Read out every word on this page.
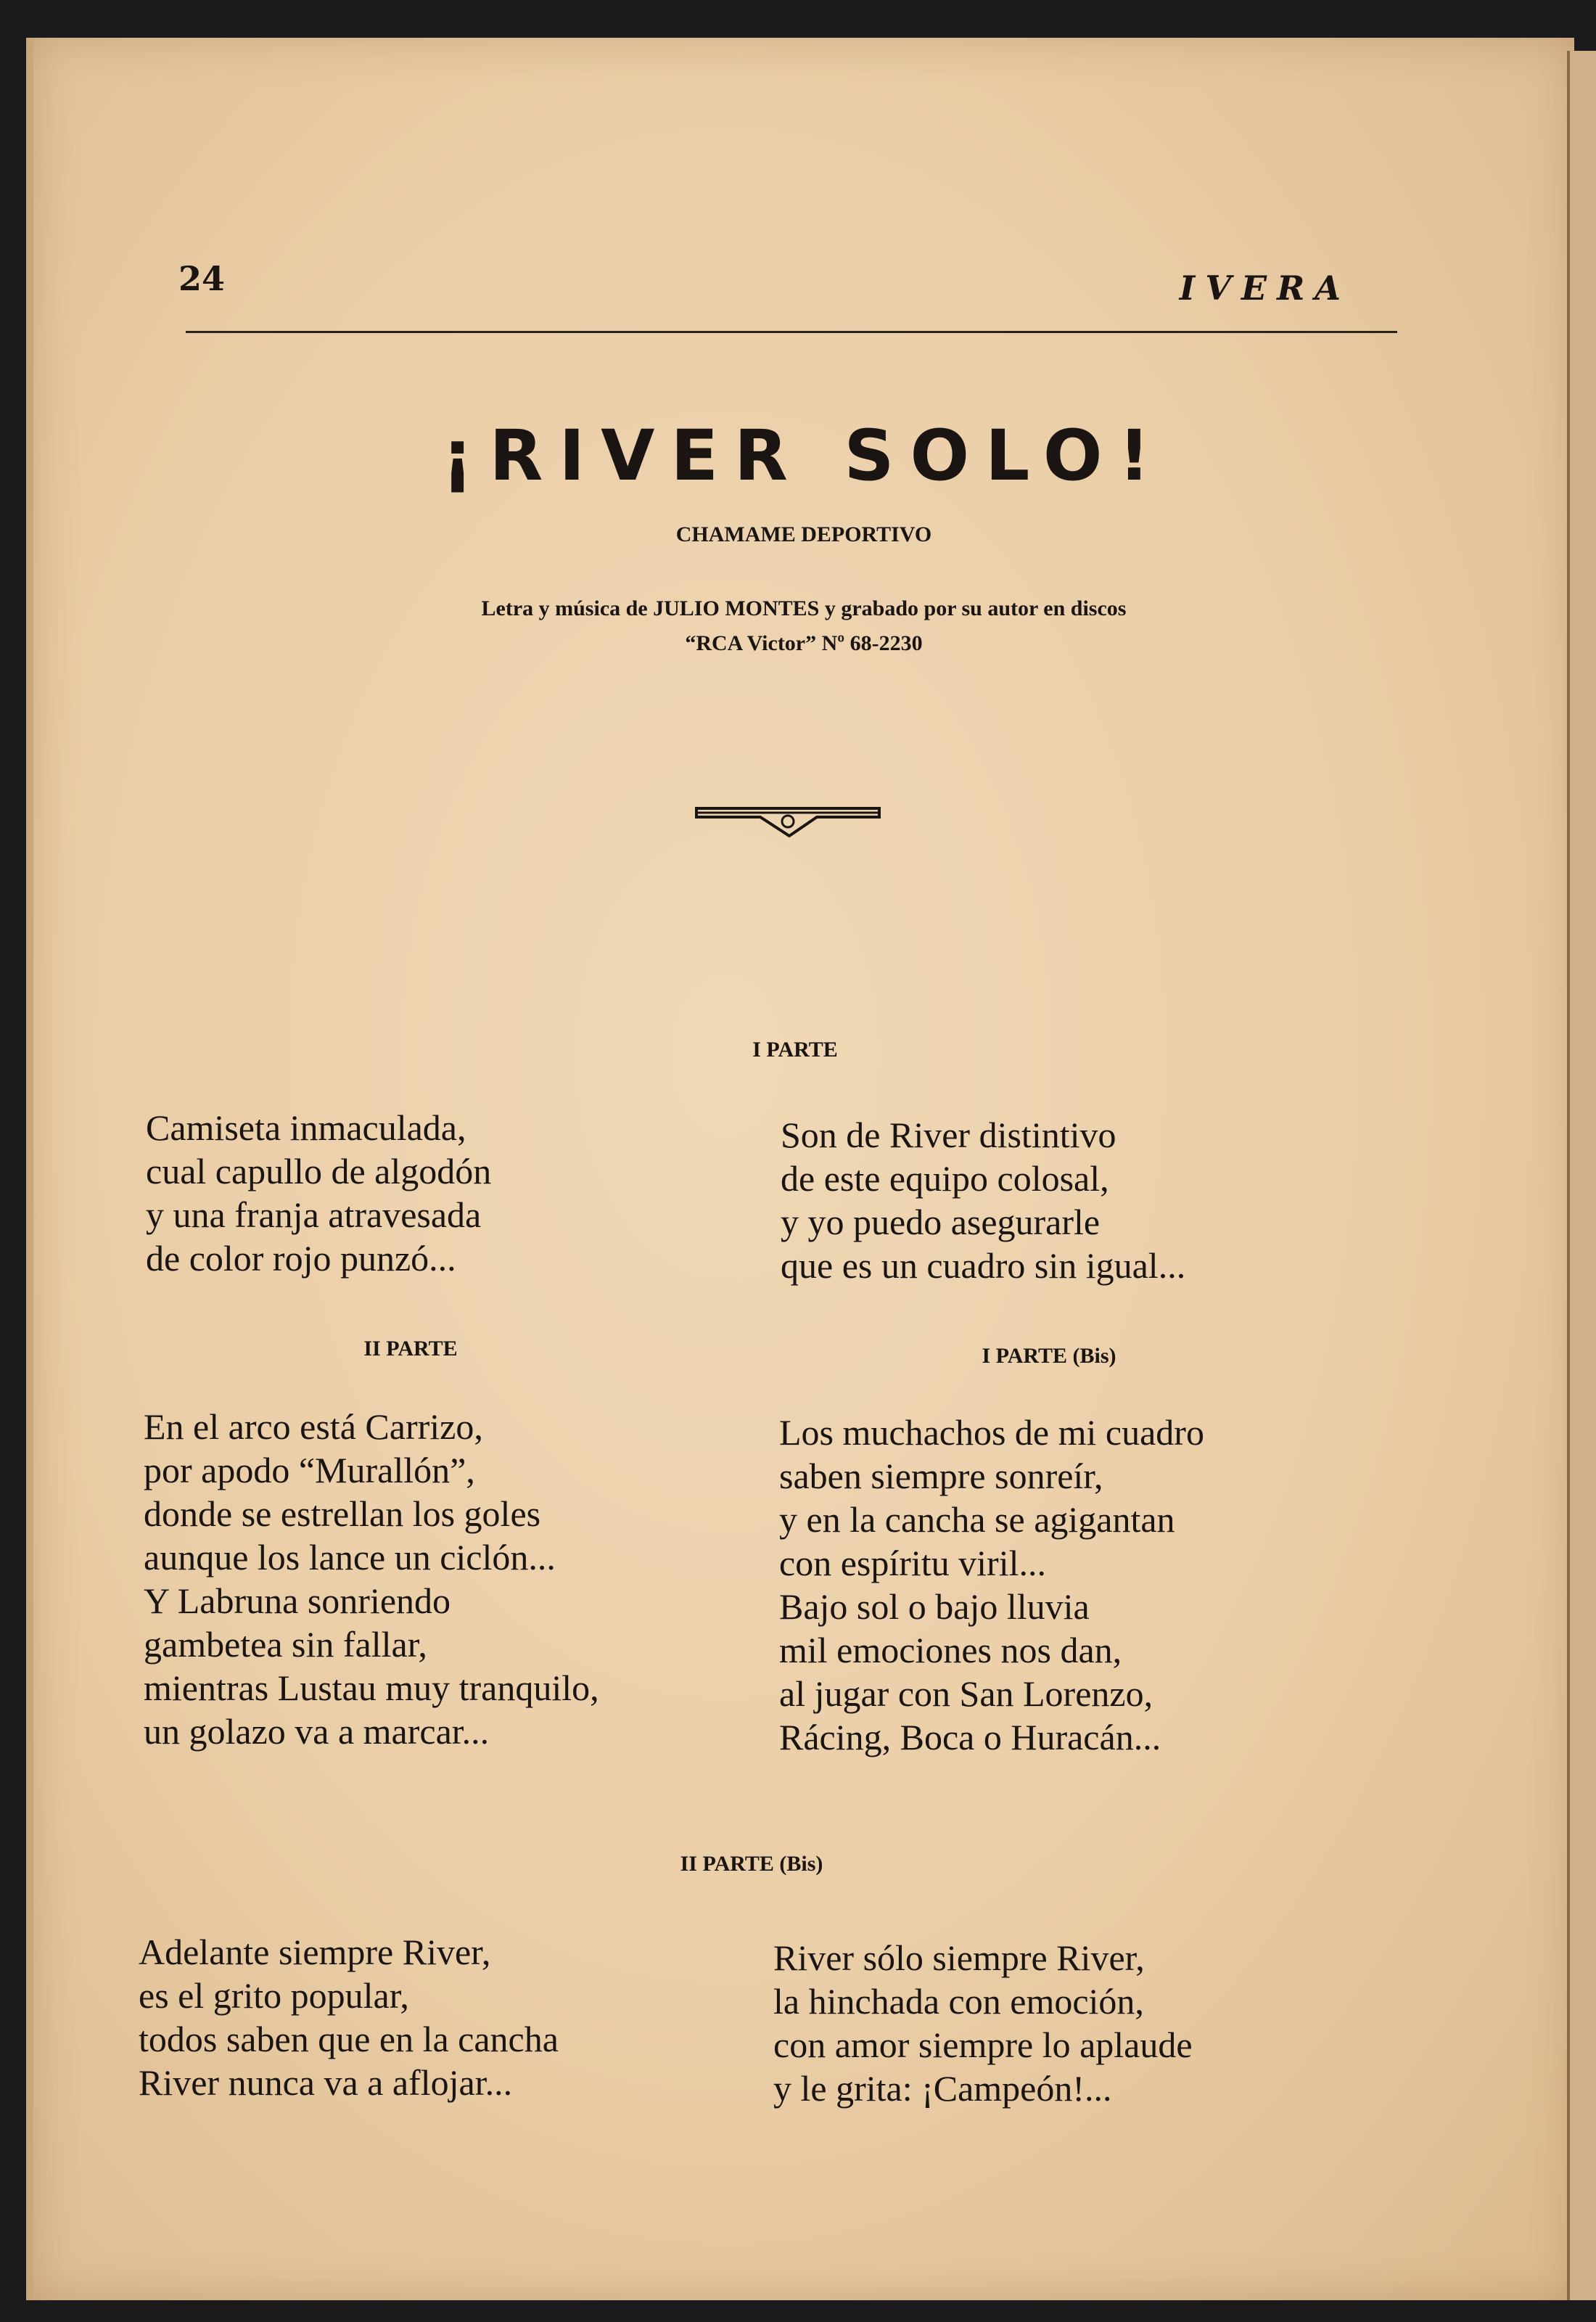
24	IVERA
¡RIVER SOLO!
CHAMAME DEPORTIVO
Letra y música de JULIO MONTES y grabado por su autor en discos
“RCA Victor” Nº 68-2230
I PARTE
Camiseta inmaculada,
cual capullo de algodón
y una franja atravesada
de color rojo punzó...
Son de River distintivo
de este equipo colosal,
y yo puedo asegurarle
que es un cuadro sin igual...
II PARTE	I PARTE (Bis)
En el arco está Carrizo,
por apodo “Murallón”,
donde se estrellan los goles
aunque los lance un ciclón...
Y Labruna sonriendo
gambetea sin fallar,
mientras Lustau muy tranquilo,
un golazo va a marcar...
Los muchachos de mi cuadro
saben siempre sonreír,
y en la cancha se agigantan
con espíritu viril...
Bajo sol o bajo lluvia
mil emociones nos dan,
al jugar con San Lorenzo,
Rácing, Boca o Huracán...
II PARTE (Bis)
Adelante siempre River,
es el grito popular,
todos saben que en la cancha
River nunca va a aflojar...
River sólo siempre River,
la hinchada con emoción,
con amor siempre lo aplaude
y le grita: ¡Campeón!...
